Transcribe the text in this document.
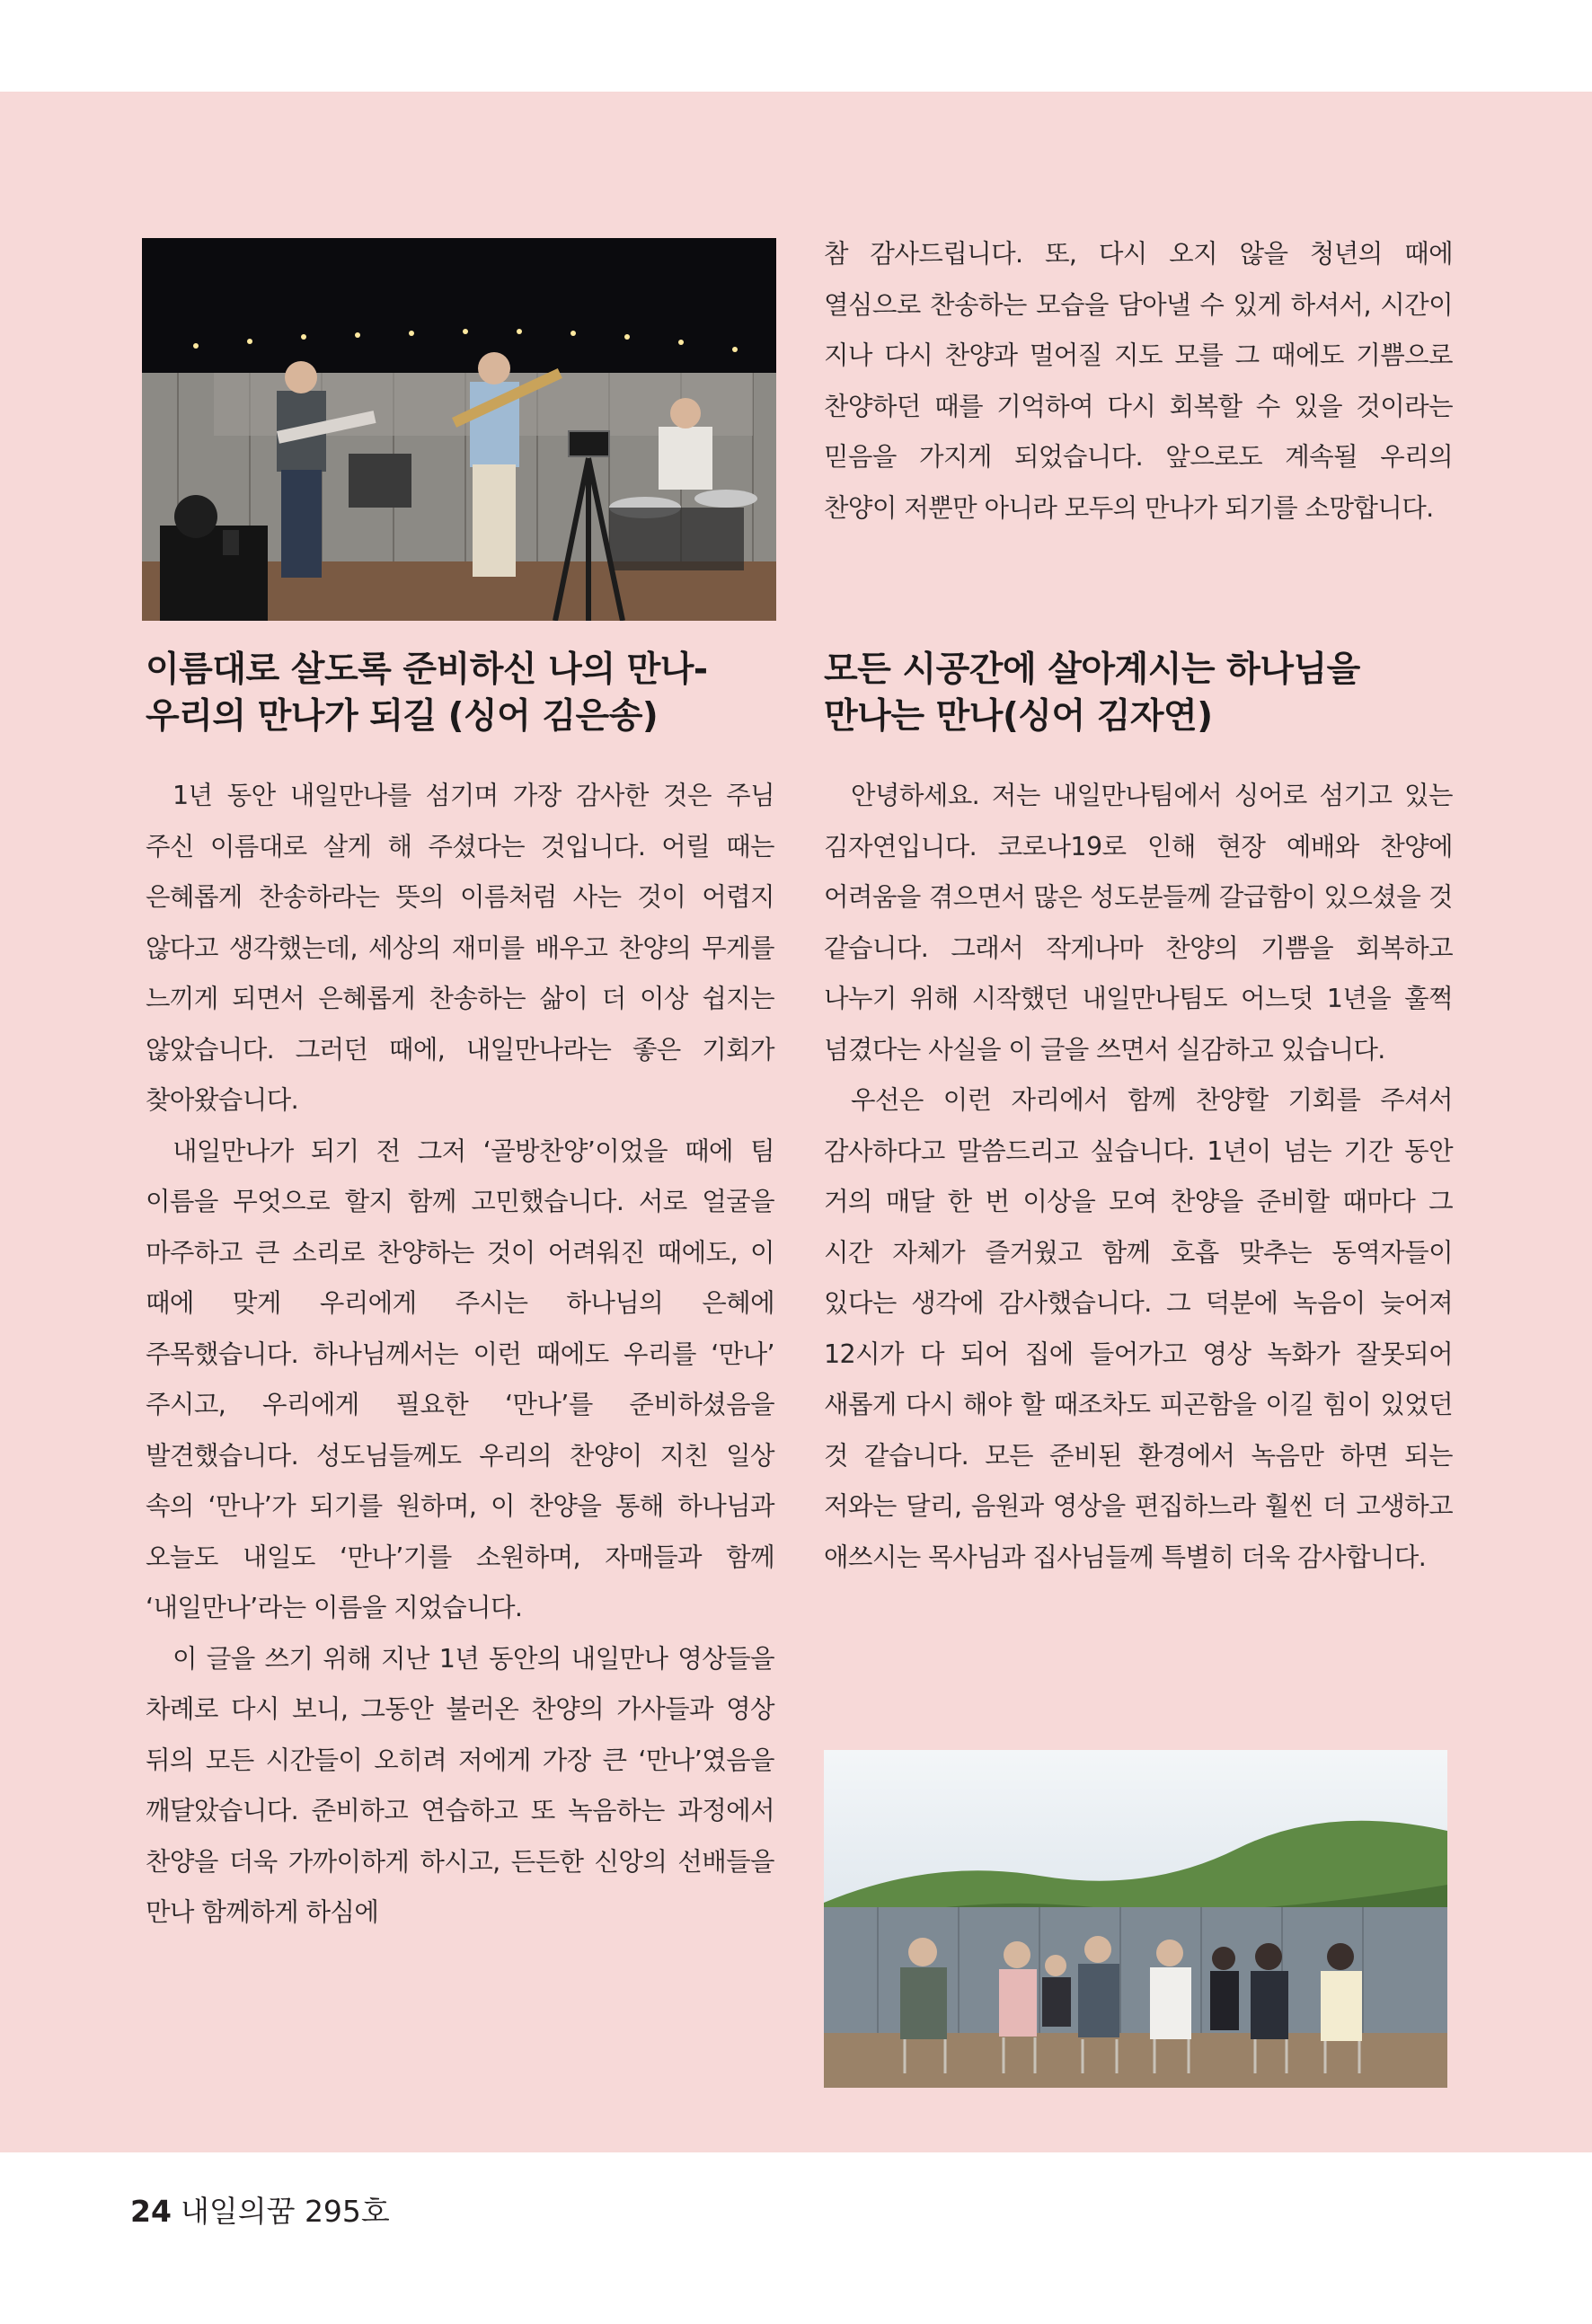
이름대로 살도록 준비하신 나의 만나-
우리의 만나가 되길 (싱어 김은송)

1년 동안 내일만나를 섬기며 가장 감사한 것은 주님 주신 이름대로 살게 해 주셨다는 것입니다. 어릴 때는 은혜롭게 찬송하라는 뜻의 이름처럼 사는 것이 어렵지 않다고 생각했는데, 세상의 재미를 배우고 찬양의 무게를 느끼게 되면서 은혜롭게 찬송하는 삶이 더 이상 쉽지는 않았습니다. 그러던 때에, 내일만나라는 좋은 기회가 찾아왔습니다.

내일만나가 되기 전 그저 ‘골방찬양’이었을 때에 팀 이름을 무엇으로 할지 함께 고민했습니다. 서로 얼굴을 마주하고 큰 소리로 찬양하는 것이 어려워진 때에도, 이 때에 맞게 우리에게 주시는 하나님의 은혜에 주목했습니다. 하나님께서는 이런 때에도 우리를 ‘만나’ 주시고, 우리에게 필요한 ‘만나’를 준비하셨음을 발견했습니다. 성도님들께도 우리의 찬양이 지친 일상 속의 ‘만나’가 되기를 원하며, 이 찬양을 통해 하나님과 오늘도 내일도 ‘만나’기를 소원하며, 자매들과 함께 ‘내일만나’라는 이름을 지었습니다.

이 글을 쓰기 위해 지난 1년 동안의 내일만나 영상들을 차례로 다시 보니, 그동안 불러온 찬양의 가사들과 영상 뒤의 모든 시간들이 오히려 저에게 가장 큰 ‘만나’였음을 깨달았습니다. 준비하고 연습하고 또 녹음하는 과정에서 찬양을 더욱 가까이하게 하시고, 든든한 신앙의 선배들을 만나 함께하게 하심에

참 감사드립니다. 또, 다시 오지 않을 청년의 때에 열심으로 찬송하는 모습을 담아낼 수 있게 하셔서, 시간이 지나 다시 찬양과 멀어질 지도 모를 그 때에도 기쁨으로 찬양하던 때를 기억하여 다시 회복할 수 있을 것이라는 믿음을 가지게 되었습니다. 앞으로도 계속될 우리의 찬양이 저뿐만 아니라 모두의 만나가 되기를 소망합니다.

모든 시공간에 살아계시는 하나님을
만나는 만나(싱어 김자연)

안녕하세요. 저는 내일만나팀에서 싱어로 섬기고 있는 김자연입니다. 코로나19로 인해 현장 예배와 찬양에 어려움을 겪으면서 많은 성도분들께 갈급함이 있으셨을 것 같습니다. 그래서 작게나마 찬양의 기쁨을 회복하고 나누기 위해 시작했던 내일만나팀도 어느덧 1년을 훌쩍 넘겼다는 사실을 이 글을 쓰면서 실감하고 있습니다.

우선은 이런 자리에서 함께 찬양할 기회를 주셔서 감사하다고 말씀드리고 싶습니다. 1년이 넘는 기간 동안 거의 매달 한 번 이상을 모여 찬양을 준비할 때마다 그 시간 자체가 즐거웠고 함께 호흡 맞추는 동역자들이 있다는 생각에 감사했습니다. 그 덕분에 녹음이 늦어져 12시가 다 되어 집에 들어가고 영상 녹화가 잘못되어 새롭게 다시 해야 할 때조차도 피곤함을 이길 힘이 있었던 것 같습니다. 모든 준비된 환경에서 녹음만 하면 되는 저와는 달리, 음원과 영상을 편집하느라 훨씬 더 고생하고 애쓰시는 목사님과 집사님들께 특별히 더욱 감사합니다.

24 내일의꿈 295호
